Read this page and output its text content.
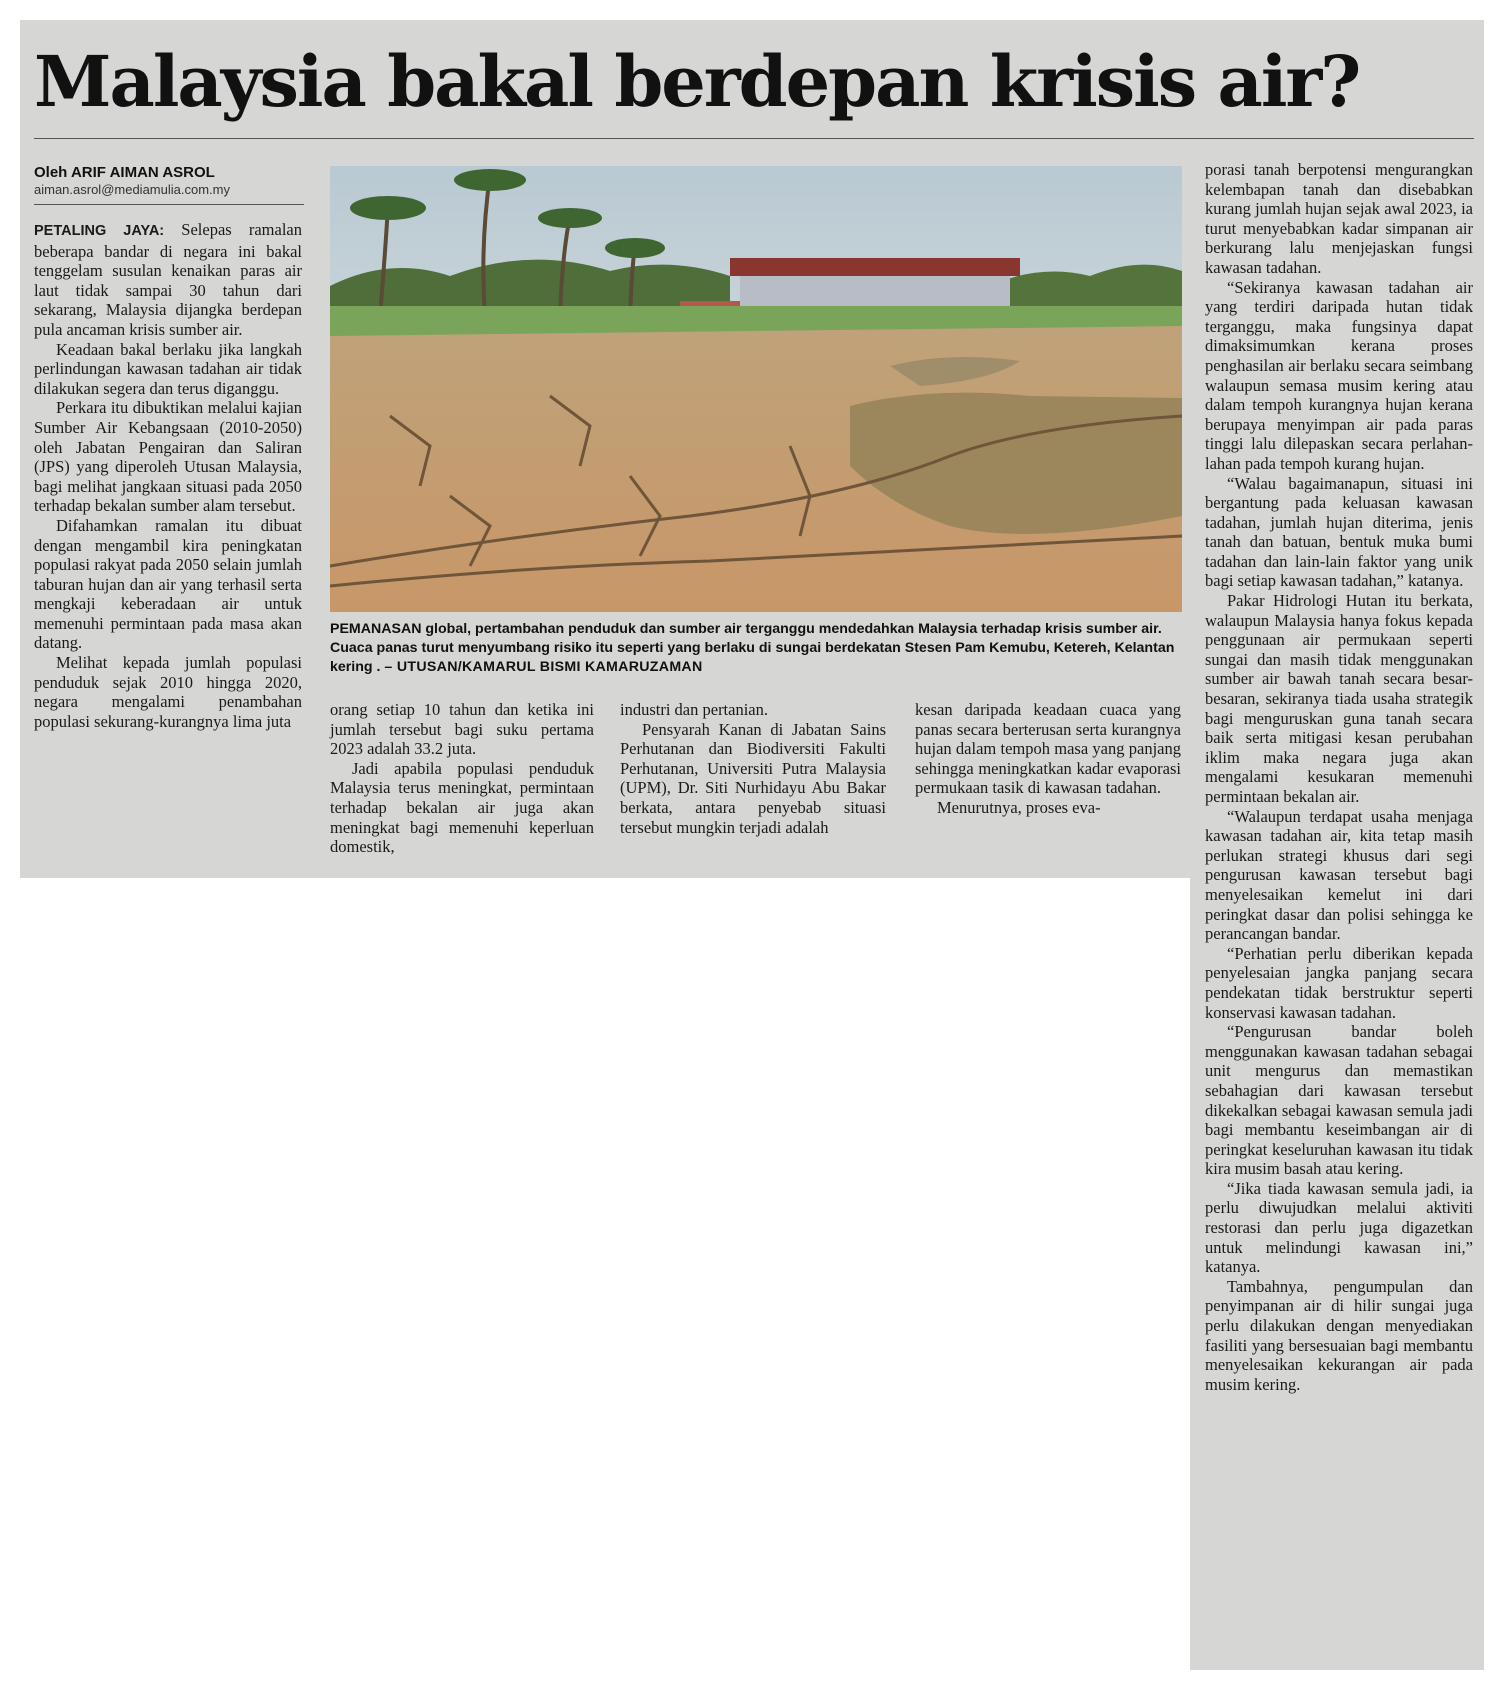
Malaysia bakal berdepan krisis air?
Oleh ARIF AIMAN ASROL
aiman.asrol@mediamulia.com.my

PETALING JAYA: Selepas ramalan beberapa bandar di negara ini bakal tenggelam susulan kenaikan paras air laut tidak sampai 30 tahun dari sekarang, Malaysia dijangka berdepan pula ancaman krisis sumber air.

Keadaan bakal berlaku jika langkah perlindungan kawasan tadahan air tidak dilakukan segera dan terus diganggu.

Perkara itu dibuktikan melalui kajian Sumber Air Kebangsaan (2010-2050) oleh Jabatan Pengairan dan Saliran (JPS) yang diperoleh Utusan Malaysia, bagi melihat jangkaan situasi pada 2050 terhadap bekalan sumber alam tersebut.

Difahamkan ramalan itu dibuat dengan mengambil kira peningkatan populasi rakyat pada 2050 selain jumlah taburan hujan dan air yang terhasil serta mengkaji keberadaan air untuk memenuhi permintaan pada masa akan datang.

Melihat kepada jumlah populasi penduduk sejak 2010 hingga 2020, negara mengalami penambahan populasi sekurang-kurangnya lima juta

PEMANASAN global, pertambahan penduduk dan sumber air terganggu mendedahkan Malaysia terhadap krisis sumber air. Cuaca panas turut menyumbang risiko itu seperti yang berlaku di sungai berdekatan Stesen Pam Kemubu, Ketereh, Kelantan kering . – UTUSAN/KAMARUL BISMI KAMARUZAMAN

orang setiap 10 tahun dan ketika ini jumlah tersebut bagi suku pertama 2023 adalah 33.2 juta.

Jadi apabila populasi penduduk Malaysia terus meningkat, permintaan terhadap bekalan air juga akan meningkat bagi memenuhi keperluan domestik,

industri dan pertanian.

Pensyarah Kanan di Jabatan Sains Perhutanan dan Biodiversiti Fakulti Perhutanan, Universiti Putra Malaysia (UPM), Dr. Siti Nurhidayu Abu Bakar berkata, antara penyebab situasi tersebut mungkin terjadi adalah

kesan daripada keadaan cuaca yang panas secara berterusan serta kurangnya hujan dalam tempoh masa yang panjang sehingga meningkatkan kadar evaporasi permukaan tasik di kawasan tadahan.

Menurutnya, proses eva-

porasi tanah berpotensi mengurangkan kelembapan tanah dan disebabkan kurang jumlah hujan sejak awal 2023, ia turut menyebabkan kadar simpanan air berkurang lalu menjejaskan fungsi kawasan tadahan.

“Sekiranya kawasan tadahan air yang terdiri daripada hutan tidak terganggu, maka fungsinya dapat dimaksimumkan kerana proses penghasilan air berlaku secara seimbang walaupun semasa musim kering atau dalam tempoh kurangnya hujan kerana berupaya menyimpan air pada paras tinggi lalu dilepaskan secara perlahan-lahan pada tempoh kurang hujan.

“Walau bagaimanapun, situasi ini bergantung pada keluasan kawasan tadahan, jumlah hujan diterima, jenis tanah dan batuan, bentuk muka bumi tadahan dan lain-lain faktor yang unik bagi setiap kawasan tadahan,” katanya.

Pakar Hidrologi Hutan itu berkata, walaupun Malaysia hanya fokus kepada penggunaan air permukaan seperti sungai dan masih tidak menggunakan sumber air bawah tanah secara besar-besaran, sekiranya tiada usaha strategik bagi menguruskan guna tanah secara baik serta mitigasi kesan perubahan iklim maka negara juga akan mengalami kesukaran memenuhi permintaan bekalan air.

“Walaupun terdapat usaha menjaga kawasan tadahan air, kita tetap masih perlukan strategi khusus dari segi pengurusan kawasan tersebut bagi menyelesaikan kemelut ini dari peringkat dasar dan polisi sehingga ke perancangan bandar.

“Perhatian perlu diberikan kepada penyelesaian jangka panjang secara pendekatan tidak berstruktur seperti konservasi kawasan tadahan.

“Pengurusan bandar boleh menggunakan kawasan tadahan sebagai unit mengurus dan memastikan sebahagian dari kawasan tersebut dikekalkan sebagai kawasan semula jadi bagi membantu keseimbangan air di peringkat keseluruhan kawasan itu tidak kira musim basah atau kering.

“Jika tiada kawasan semula jadi, ia perlu diwujudkan melalui aktiviti restorasi dan perlu juga digazetkan untuk melindungi kawasan ini,” katanya.

Tambahnya, pengumpulan dan penyimpanan air di hilir sungai juga perlu dilakukan dengan menyediakan fasiliti yang bersesuaian bagi membantu menyelesaikan kekurangan air pada musim kering.
